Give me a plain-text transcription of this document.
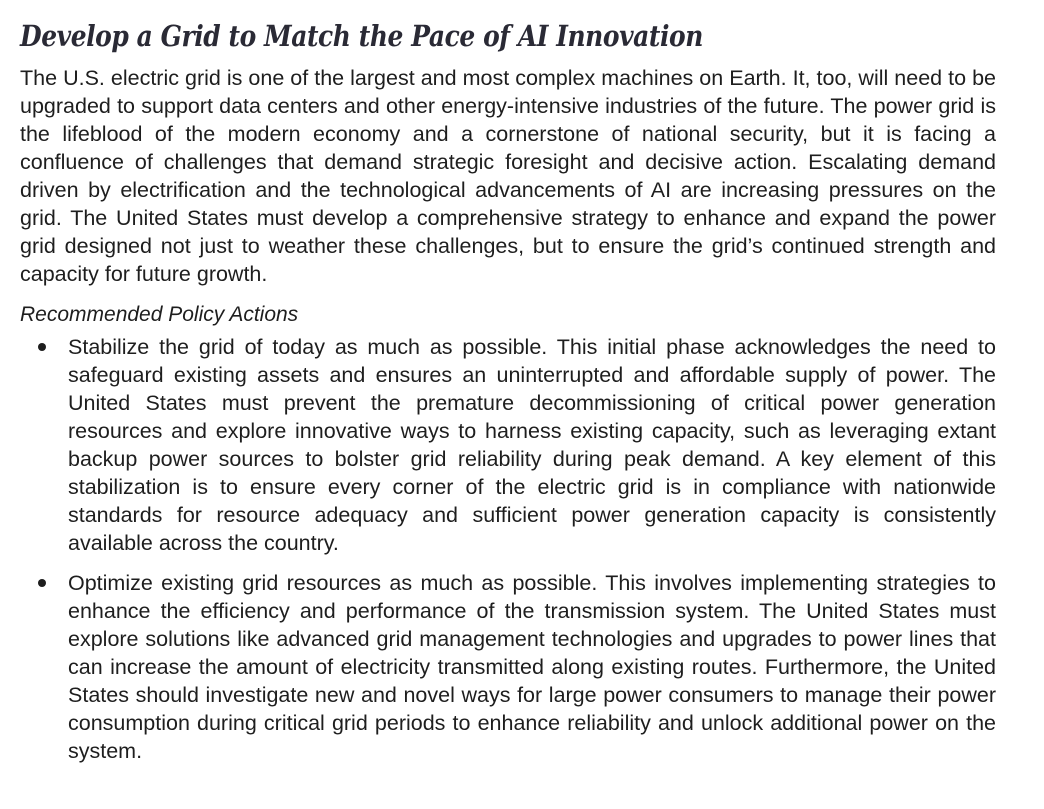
Develop a Grid to Match the Pace of AI Innovation

The U.S. electric grid is one of the largest and most complex machines on Earth. It, too, will need to be upgraded to support data centers and other energy-intensive industries of the future. The power grid is the lifeblood of the modern economy and a cornerstone of national security, but it is facing a confluence of challenges that demand strategic foresight and decisive action. Escalating demand driven by electrification and the technological advancements of AI are increasing pressures on the grid. The United States must develop a comprehensive strategy to enhance and expand the power grid designed not just to weather these challenges, but to ensure the grid’s continued strength and capacity for future growth.

Recommended Policy Actions
Stabilize the grid of today as much as possible. This initial phase acknowledges the need to safeguard existing assets and ensures an uninterrupted and affordable supply of power. The United States must prevent the premature decommissioning of critical power generation resources and explore innovative ways to harness existing capacity, such as leveraging extant backup power sources to bolster grid reliability during peak demand. A key element of this stabilization is to ensure every corner of the electric grid is in compliance with nationwide standards for resource adequacy and sufficient power generation capacity is consistently available across the country.
Optimize existing grid resources as much as possible. This involves implementing strategies to enhance the efficiency and performance of the transmission system. The United States must explore solutions like advanced grid management technologies and upgrades to power lines that can increase the amount of electricity transmitted along existing routes. Furthermore, the United States should investigate new and novel ways for large power consumers to manage their power consumption during critical grid periods to enhance reliability and unlock additional power on the system.
